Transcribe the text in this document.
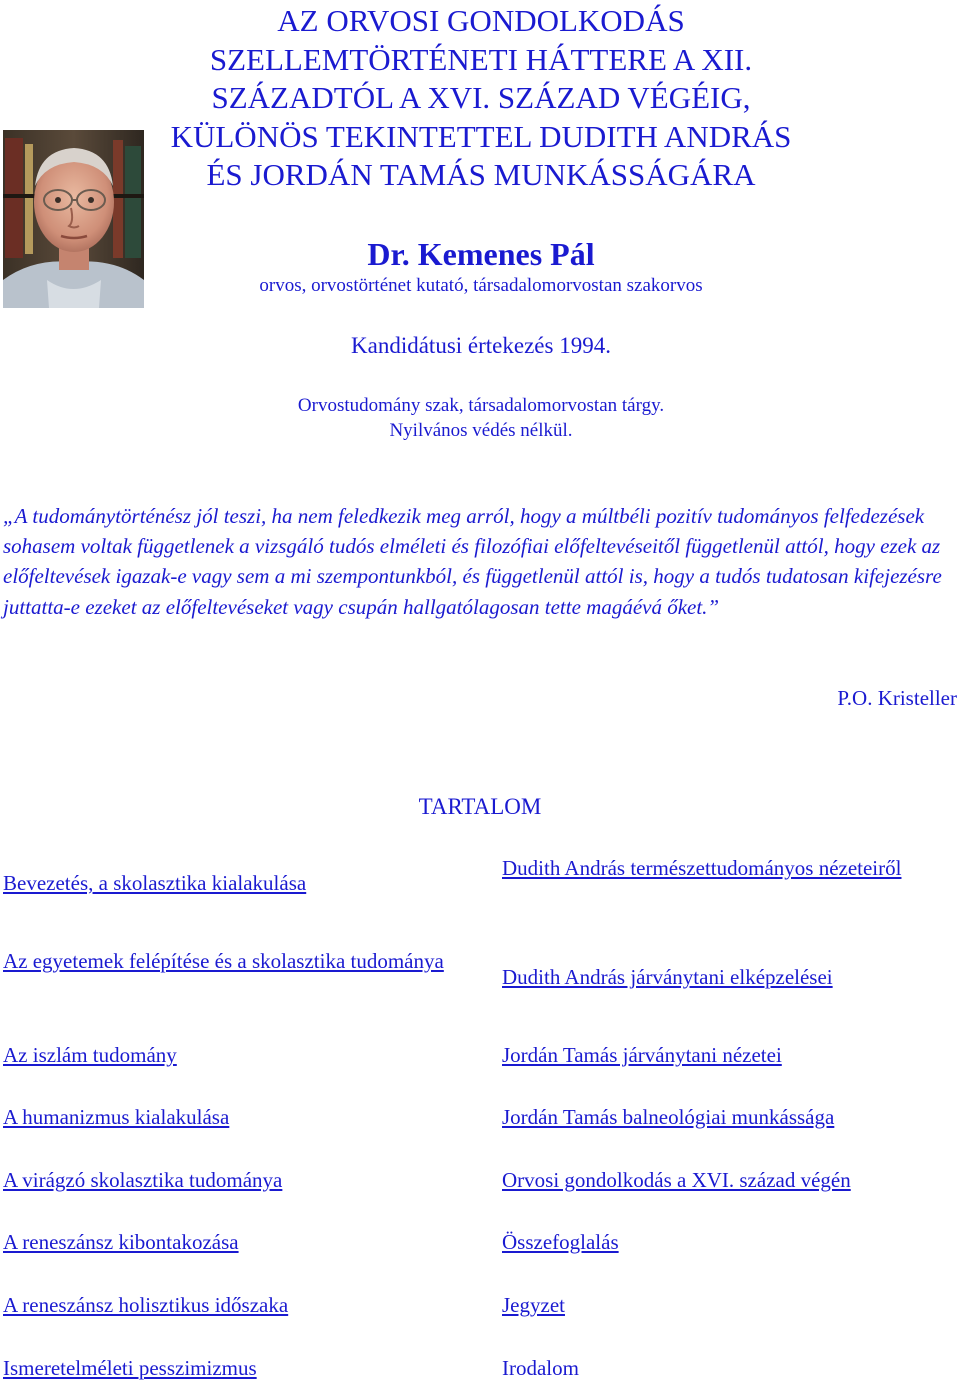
AZ ORVOSI GONDOLKODÁS SZELLEMTÖRTÉNETI HÁTTERE A XII. SZÁZADTÓL A XVI. SZÁZAD VÉGÉIG, KÜLÖNÖS TEKINTETTEL DUDITH ANDRÁS ÉS JORDÁN TAMÁS MUNKÁSSÁGÁRA
Dr. Kemenes Pál
orvos, orvostörténet kutató, társadalomorvostan szakorvos
Kandidátusi értekezés 1994.
Orvostudomány szak, társadalomorvostan tárgy.
Nyilvános védés nélkül.

„A tudománytörténész jól teszi, ha nem feledkezik meg arról, hogy a múltbéli pozitív tudományos felfedezések sohasem voltak függetlenek a vizsgáló tudós elméleti és filozófiai előfeltevéseitől függetlenül attól, hogy ezek az előfeltevések igazak-e vagy sem a mi szempontunkból, és függetlenül attól is, hogy a tudós tudatosan kifejezésre juttatta-e ezeket az előfeltevéseket vagy csupán hallgatólagosan tette magáévá őket.”

P.O. Kristeller
TARTALOM
Bevezetés, a skolasztika kialakulása
Az egyetemek felépítése és a skolasztika tudománya
Az iszlám tudomány
A humanizmus kialakulása
A virágzó skolasztika tudománya
A reneszánsz kibontakozása
A reneszánsz holisztikus időszaka
Ismeretelméleti pesszimizmus
Dudith András természettudományos nézeteiről
Dudith András járványtani elképzelései
Jordán Tamás járványtani nézetei
Jordán Tamás balneológiai munkássága
Orvosi gondolkodás a XVI. század végén
Összefoglalás
Jegyzet
Irodalom
